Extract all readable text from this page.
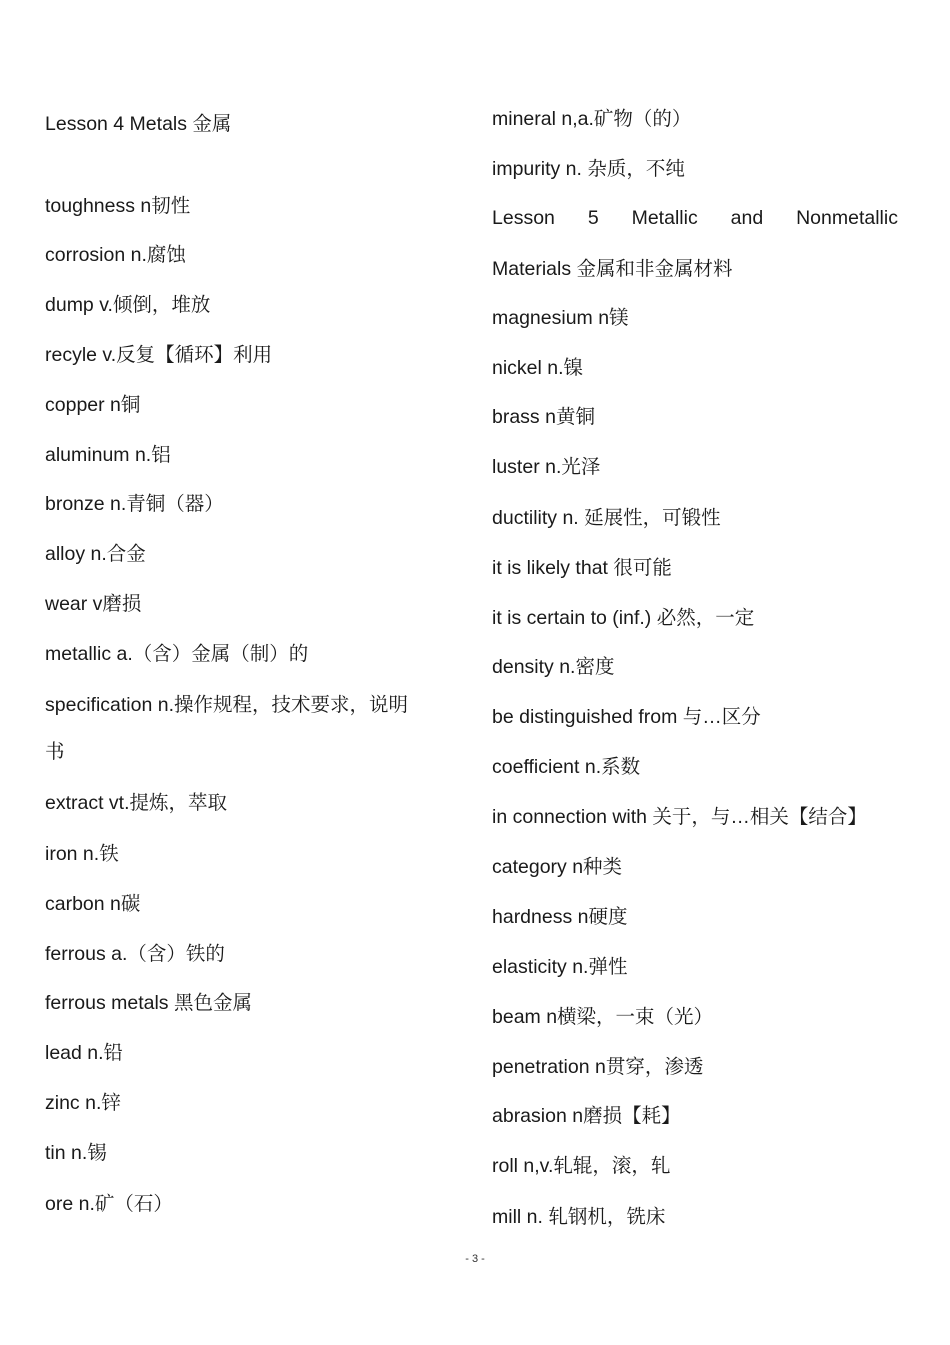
Lesson 4 Metals 金属
toughness n韧性
corrosion n.腐蚀
dump v.倾倒，堆放
recyle v.反复【循环】利用
copper n铜
aluminum n.铝
bronze n.青铜（器）
alloy n.合金
wear v磨损
metallic a.（含）金属（制）的
specification n.操作规程，技术要求，说明
书
extract vt.提炼，萃取
iron n.铁
carbon n碳
ferrous a.（含）铁的
ferrous metals 黑色金属
lead n.铅
zinc n.锌
tin n.锡
ore n.矿（石）
mineral n,a.矿物（的）
impurity n. 杂质，不纯
Lesson 5 Metallic and Nonmetallic
Materials 金属和非金属材料
magnesium n镁
nickel n.镍
brass n黄铜
luster n.光泽
ductility n. 延展性，可锻性
it is likely that 很可能
it is certain to (inf.) 必然，一定
density n.密度
be distinguished from 与…区分
coefficient n.系数
in connection with 关于，与…相关【结合】
category n种类
hardness n硬度
elasticity n.弹性
beam n横梁，一束（光）
penetration n贯穿，渗透
abrasion n磨损【耗】
roll n,v.轧辊，滚，轧
mill n. 轧钢机，铣床
- 3 -
